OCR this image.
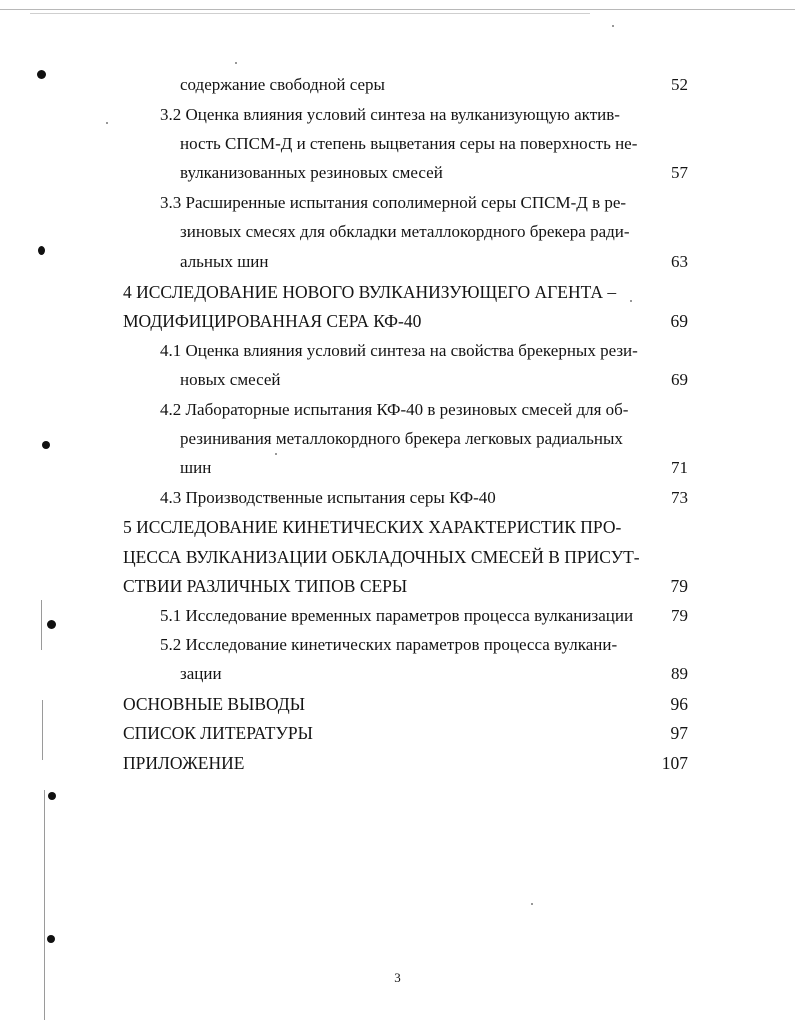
содержание свободной серы	52
3.2 Оценка влияния условий синтеза на вулканизующую актив-
ность СПСМ-Д и степень выцветания серы на поверхность не-
вулканизованных резиновых смесей	57
3.3 Расширенные испытания сополимерной серы СПСМ-Д в ре-
зиновых смесях для обкладки металлокордного брекера ради-
альных шин	63
4 ИССЛЕДОВАНИЕ НОВОГО ВУЛКАНИЗУЮЩЕГО АГЕНТА –
МОДИФИЦИРОВАННАЯ СЕРА КФ-40	69
4.1 Оценка влияния условий синтеза на свойства брекерных рези-
новых смесей	69
4.2 Лабораторные испытания КФ-40 в резиновых смесей для об-
резинивания металлокордного брекера легковых радиальных
шин	71
4.3 Производственные испытания серы КФ-40	73
5 ИССЛЕДОВАНИЕ КИНЕТИЧЕСКИХ ХАРАКТЕРИСТИК ПРО-
ЦЕССА ВУЛКАНИЗАЦИИ ОБКЛАДОЧНЫХ СМЕСЕЙ В ПРИСУТ-
СТВИИ РАЗЛИЧНЫХ ТИПОВ СЕРЫ	79
5.1 Исследование временных параметров процесса вулканизации 79
5.2 Исследование кинетических параметров процесса вулкани-
зации	89
ОСНОВНЫЕ ВЫВОДЫ	96
СПИСОК ЛИТЕРАТУРЫ	97
ПРИЛОЖЕНИЕ	107
3
